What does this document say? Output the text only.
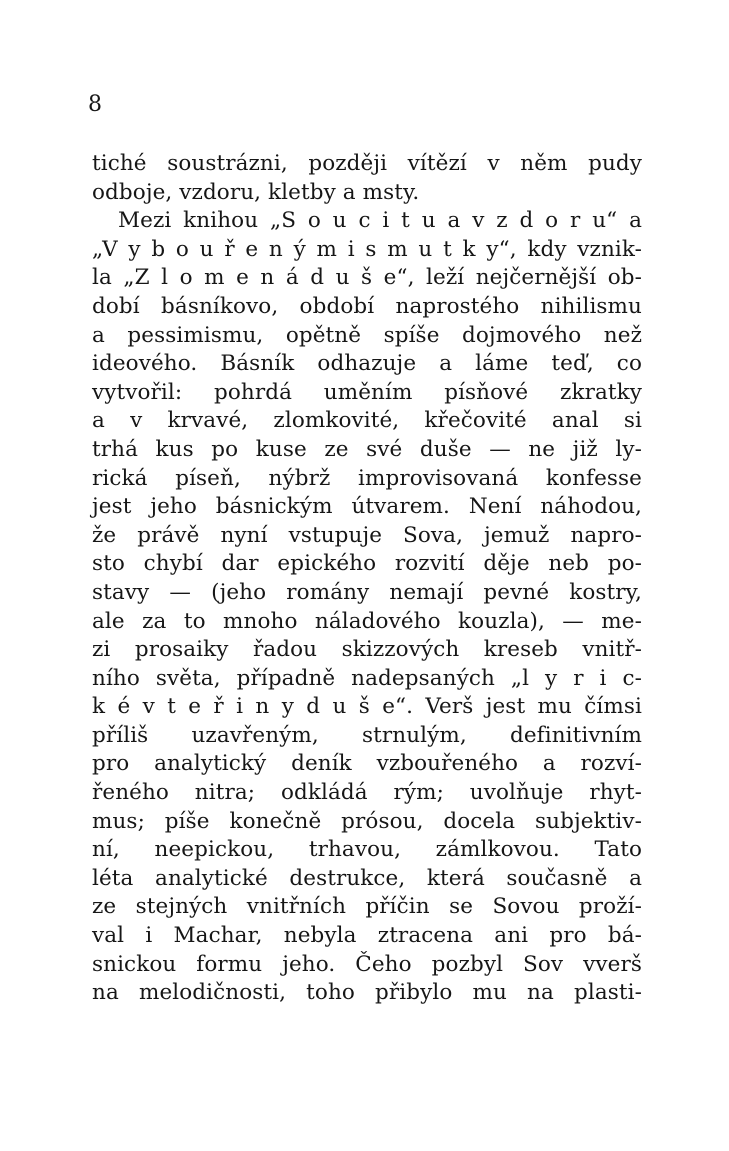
8
tiché soustrázni, později vítězí v něm pudy
odboje, vzdoru, kletby a msty.
Mezi knihou „S o u c i t u a v z d o r u“ a
„V y b o u ř e n ý m i s m u t k y“, kdy vznik-
la „Z l o m e n á d u š e“, leží nejčernější ob-
dobí básníkovo, období naprostého nihilismu
a pessimismu, opětně spíše dojmového než
ideového. Básník odhazuje a láme teď, co
vytvořil: pohrdá uměním písňové zkratky
a v krvavé, zlomkovité, křečovité anal si
trhá kus po kuse ze své duše — ne již ly-
rická píseň, nýbrž improvisovaná konfesse
jest jeho básnickým útvarem. Není náhodou,
že právě nyní vstupuje Sova, jemuž napro-
sto chybí dar epického rozvití děje neb po-
stavy — (jeho romány nemají pevné kostry,
ale za to mnoho náladového kouzla), — me-
zi prosaiky řadou skizzových kreseb vnitř-
ního světa, případně nadepsaných „l y r i c-
k é v t e ř i n y d u š e“. Verš jest mu čímsi
příliš uzavřeným, strnulým, definitivním
pro analytický deník vzbouřeného a rozví-
řeného nitra; odkládá rým; uvolňuje rhyt-
mus; píše konečně prósou, docela subjektiv-
ní, neepickou, trhavou, zámlkovou. Tato
léta analytické destrukce, která současně a
ze stejných vnitřních příčin se Sovou proží-
val i Machar, nebyla ztracena ani pro bá-
snickou formu jeho. Čeho pozbyl Sov vverš
na melodičnosti, toho přibylo mu na plasti-
